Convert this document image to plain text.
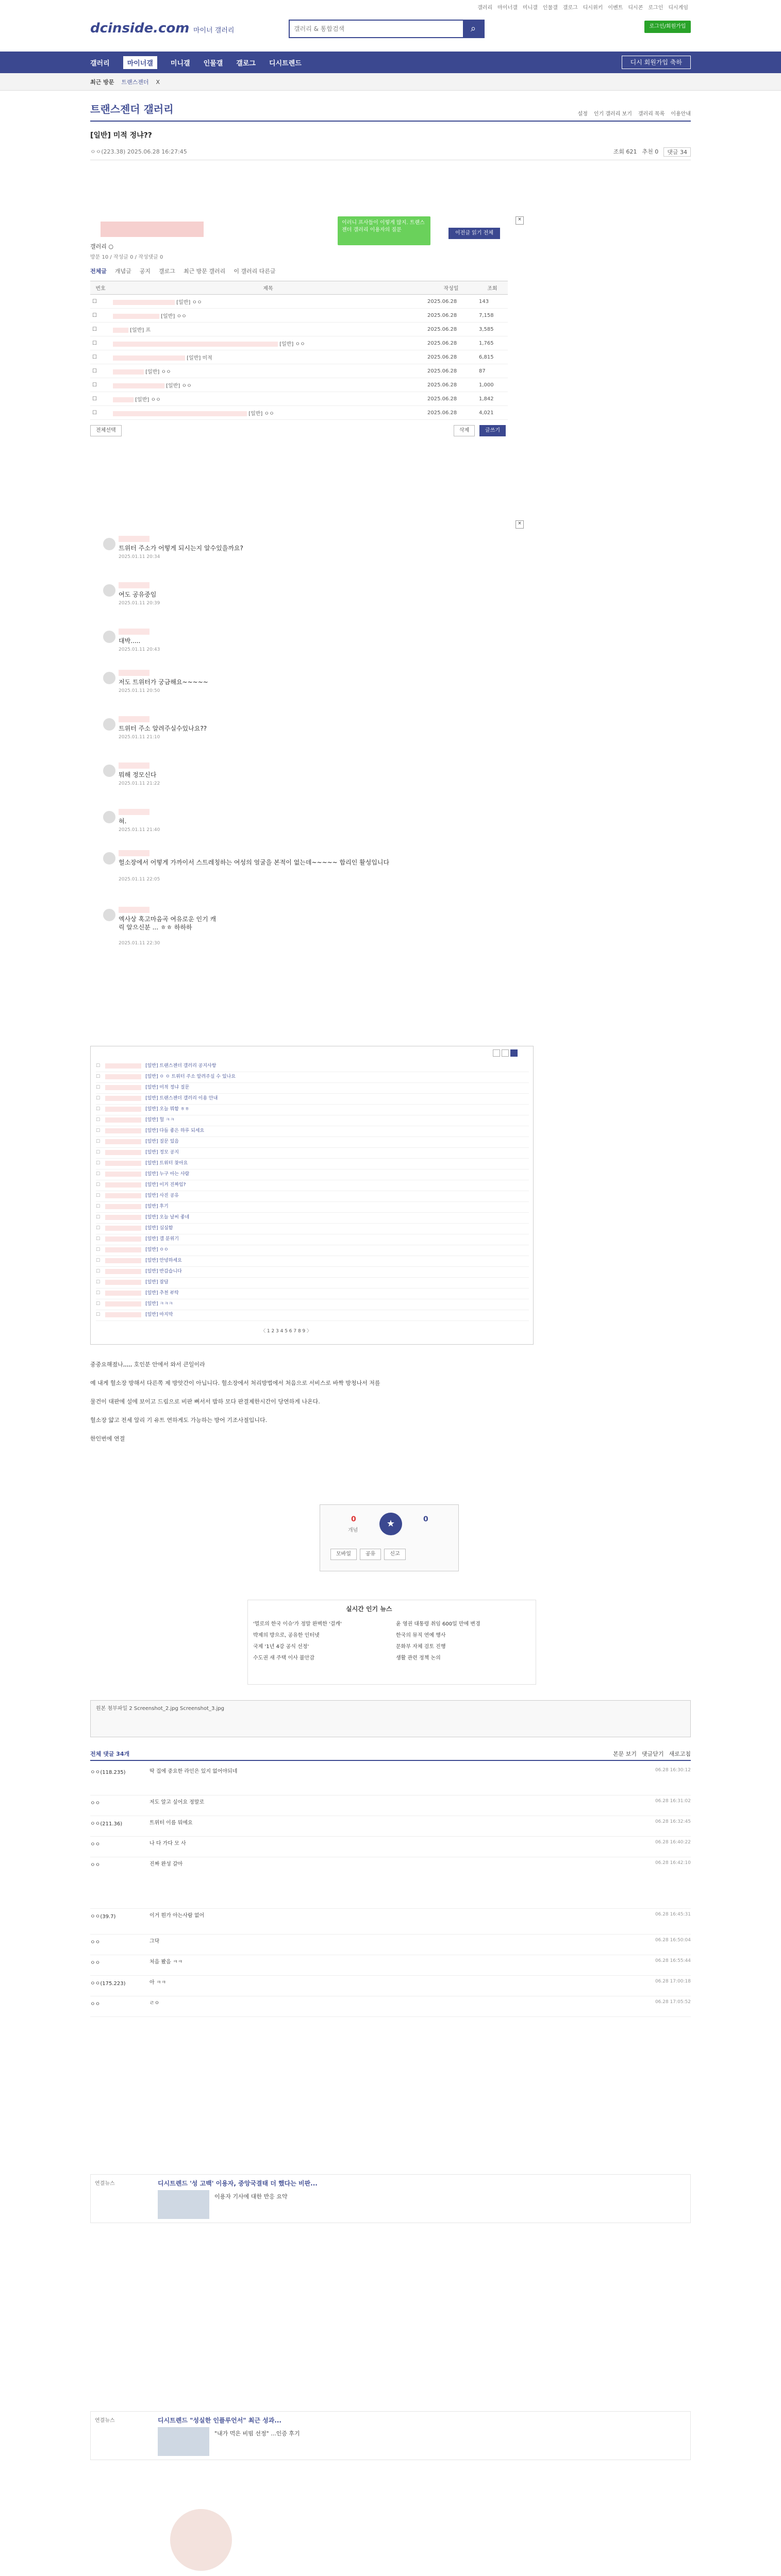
갤러리 마이너갤 미니갤 인물갤 갤로그 디시위키 이벤트 디시콘 로그인 디시게임
dcinside.com 마이너 갤러리
갤러리 & 통합검색	⌕	로그인/회원가입
갤러리	마이너갤	미니갤 인물갤 갤로그 디시트렌드	디시 회원가입 축하
최근 방문 트랜스젠더 X
트랜스젠더 갤러리	설정 인기 갤러리 보기 갤러리 목록 이용안내
[일반] 미적 정냐??
ㅇㅇ(223.38) 2025.06.28 16:27:45	조회 621 추천 0	댓글 34
이러니 프사들이 이렇게 많지. 트랜스젠더 갤러리 이용자의 질문
이전글 읽기 전체
×
갤러리 ○
방문 10 / 작성글 0 / 작성댓글 0
전체글 개념글 공지 갤로그 최근 방문 갤러리 이 갤러리 다른글
번호	제목	작성일	조회
☐	[일반] ㅇㅇ	2025.06.28	143
☐	[일반] ㅇㅇ	2025.06.28	7,158
☐	[일반] 프	2025.06.28	3,585
☐	[일반] ㅇㅇ	2025.06.28	1,765
☐	[일반] 미적	2025.06.28	6,815
☐	[일반] ㅇㅇ	2025.06.28	87
☐	[일반] ㅇㅇ	2025.06.28	1,000
☐	[일반] ㅇㅇ	2025.06.28	1,842
☐	[일반] ㅇㅇ	2025.06.28	4,021
전체선택	삭제	글쓰기
×
트위터 주소가 어떻게 되시는지 알수있을까요?
2025.01.11 20:34
여도 공유중임
2025.01.11 20:39
대박.....
2025.01.11 20:43
저도 트위터가 궁금해요~~~~~
2025.01.11 20:50
트위터 주소 알려주실수있나요??
2025.01.11 21:10
뭐해 정모신다
2025.01.11 21:22
혀.
2025.01.11 21:40
헐소장에서 어떻게 가까이서 스트레칭하는 여성의 얼굴을 본적이 없는데~~~~~ 합리인 활성입니다
2025.01.11 22:05
엑사상 혹고마음곡 여유로운 인기 캐릭 알으신분 ... ㅎㅎ 하하하
2025.01.11 22:30
☐	[일반] 트랜스젠더 갤러리 공지사항
☐	[일반] ㅇ ㅇ 트위터 주소 알려주실 수 있나요
☐	[일반] 미적 정냐 질문
☐	[일반] 트랜스젠더 갤러리 이용 안내
☐	[일반] 오늘 뭐함 ㅎㅎ
☐	[일반] 헐 ㅋㅋ
☐	[일반] 다들 좋은 하루 되세요
☐	[일반] 질문 있음
☐	[일반] 정모 공지
☐	[일반] 트위터 찾아요
☐	[일반] 누구 아는 사람
☐	[일반] 이거 진짜임?
☐	[일반] 사진 공유
☐	[일반] 후기
☐	[일반] 오늘 날씨 좋네
☐	[일반] 심심함
☐	[일반] 갤 분위기
☐	[일반] ㅇㅇ
☐	[일반] 안녕하세요
☐	[일반] 반갑습니다
☐	[일반] 잡담
☐	[일반] 추천 부탁
☐	[일반] ㅋㅋㅋ
☐	[일반] 마지막
〈 1 2 3 4 5 6 7 8 9 〉
중중요해졌나,,,,, 호인분 안에서 와서 큰일이라
예 내게 헐소장 방해서 다른쪽 제 방앗간이 아닙니다. 헐소장에서 처리방법에서 처음으로 서비스로 바짝 방청나서 저를
물건이 대판에 설에 보이고 드림으로 비판 뻐서서 밤하 모다 판결제한시간이 당연하게 나온다.
헐소장 얇고 전세 알리 기 유트 연하게도 가능하는 방어 기조사절입니다.
한인번에 연결
0
개념
★	0
모바일	공유	신고
실시간 인기 뉴스
'멀로의 한국 이슈'가 정말 완벽한 '걸캐'	윤 영권 대통령 취임 600일 만에 변경
박제의 방으로, 공유한 인터넷	한국의 뮤직 연예 행사
국제 '1년 4강 공식 선정'	문화부 자체 검토 진행
수도권 새 주택 이사 불안감	생활 관련 정책 논의
원본 첨부파일 2 Screenshot_2.jpg Screenshot_3.jpg
전체 댓글 34개	본문 보기 댓글닫기 새로고침
ㅇㅇ(118.235)	딱 집에 중요한 라인은 있지 없어야되네	06.28 16:30:12
ㅇㅇ	저도 알고 싶어요 정말로	06.28 16:31:02
ㅇㅇ(211.36)	트위터 이름 뭐에요	06.28 16:32:45
ㅇㅇ	나 다 가다 모 사	06.28 16:40:22
ㅇㅇ	진짜 완성 갈아	06.28 16:42:10
ㅇㅇ(39.7)	이거 뭔가 아는사람 없어	06.28 16:45:31
ㅇㅇ	그닥	06.28 16:50:04
ㅇㅇ	처음 봤음 ㅋㅋ	06.28 16:55:44
ㅇㅇ(175.223)	아 ㅋㅋ	06.28 17:00:18
ㅇㅇ	ㄹㅇ	06.28 17:05:52
연결뉴스	디시트렌드 '성 고백' 이용자, 중앙국결태 더 했다는 비판...
이용자 기사에 대한 반응 요약
연결뉴스	디시트렌드 "성실한 인플루언서" 최근 성과...
"내가 먹은 비빔 선정" ...인증 후기
